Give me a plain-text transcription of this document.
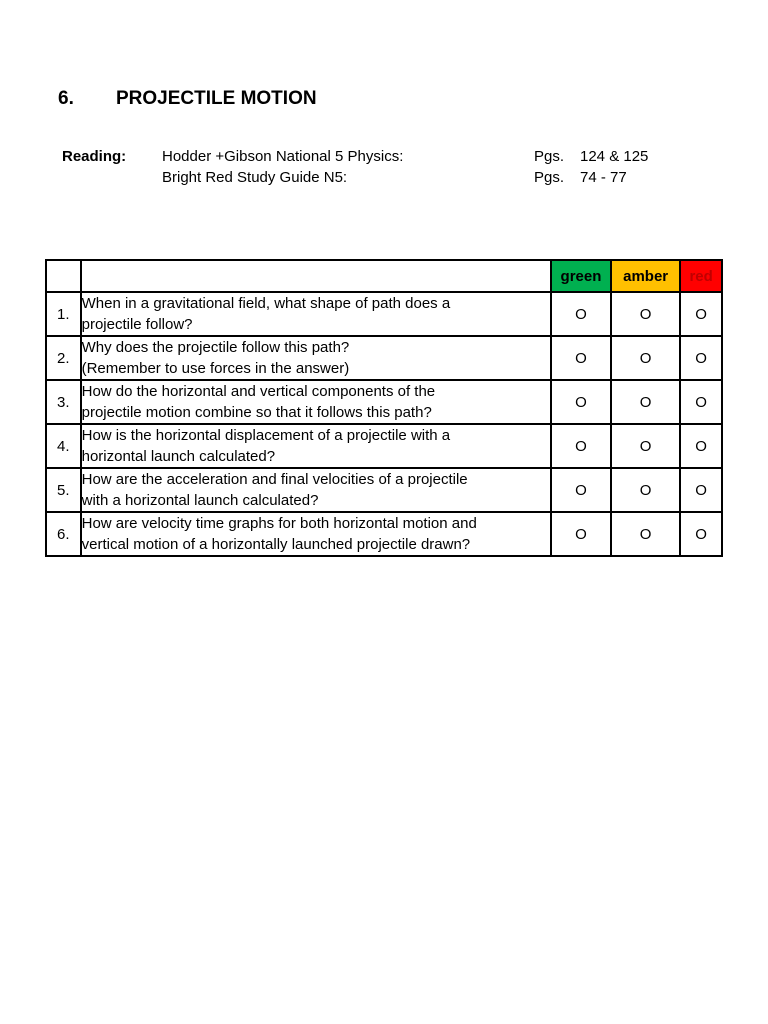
6. PROJECTILE MOTION
Reading: Hodder +Gibson National 5 Physics:	Pgs. 124 & 125
Bright Red Study Guide N5:	Pgs. 74 - 77
		green	amber	red
1.	When in a gravitational field, what shape of path does a
projectile follow?	O	O	O
2.	Why does the projectile follow this path?
(Remember to use forces in the answer)	O	O	O
3.	How do the horizontal and vertical components of the
projectile motion combine so that it follows this path?	O	O	O
4.	How is the horizontal displacement of a projectile with a
horizontal launch calculated?	O	O	O
5.	How are the acceleration and final velocities of a projectile
with a horizontal launch calculated?	O	O	O
6.	How are velocity time graphs for both horizontal motion and
vertical motion of a horizontally launched projectile drawn?	O	O	O
